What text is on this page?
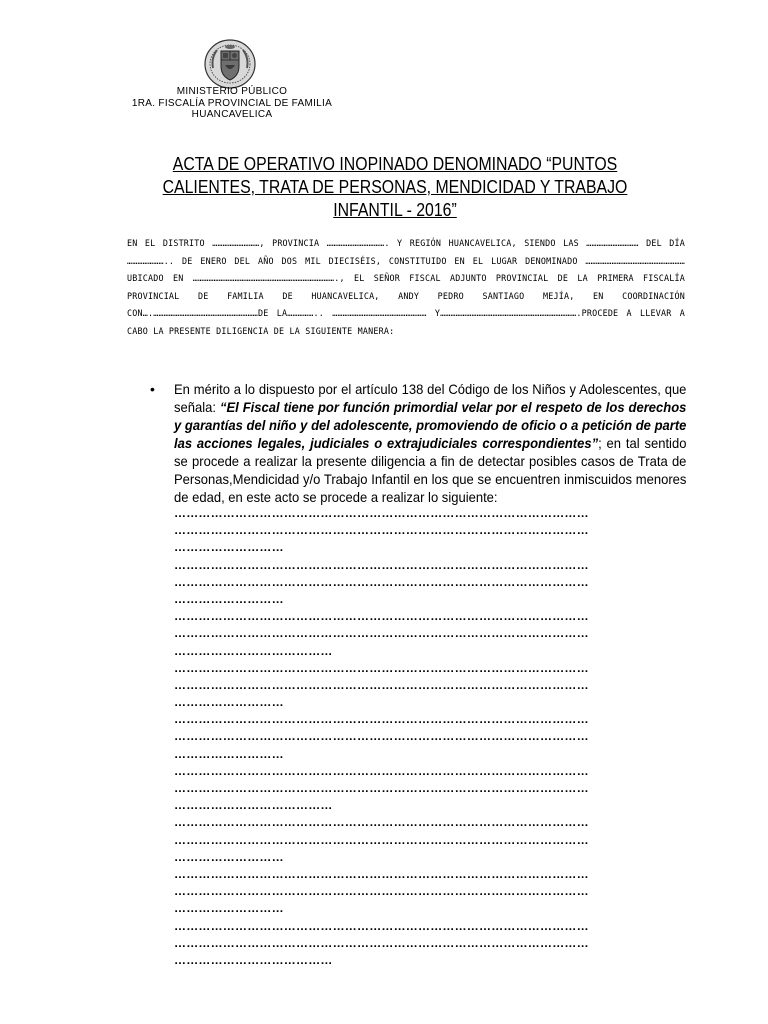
MINISTERIO PÚBLICO
1RA. FISCALÍA PROVINCIAL DE FAMILIA
HUANCAVELICA
ACTA DE OPERATIVO INOPINADO DENOMINADO “PUNTOS CALIENTES, TRATA DE PERSONAS, MENDICIDAD Y TRABAJO INFANTIL - 2016”
EN EL DISTRITO ………………………, PROVINCIA ……………………………. Y REGIÓN HUANCAVELICA, SIENDO LAS ………………………… DEL DÍA ………………….. DE ENERO DEL AÑO DOS MIL DIECISÉIS, CONSTITUIDO EN EL LUGAR DENOMINADO ………………………………………………… UBICADO EN ………………………………………………………………………., EL SEÑOR FISCAL ADJUNTO PROVINCIAL DE LA PRIMERA FISCALÍA PROVINCIAL DE FAMILIA DE HUANCAVELICA, ANDY PEDRO SANTIAGO MEJÍA, EN COORDINACIÓN CON….……………………………………………………DE LA…………….. ……………………………………………… Y…………………………………………………………………….PROCEDE A LLEVAR A CABO LA PRESENTE DILIGENCIA DE LA SIGUIENTE MANERA:
• En mérito a lo dispuesto por el artículo 138 del Código de los Niños y Adolescentes, que señala: “El Fiscal tiene por función primordial velar por el respeto de los derechos y garantías del niño y del adolescente, promoviendo de oficio o a petición de parte las acciones legales, judiciales o extrajudiciales correspondientes”; en tal sentido se procede a realizar la presente diligencia a fin de detectar posibles casos de Trata de Personas,Mendicidad y/o Trabajo Infantil en los que se encuentren inmiscuidos menores de edad, en este acto se procede a realizar lo siguiente:
…………………………………………………………………………………………
…………………………………………………………………………………………
………………………
…………………………………………………………………………………………
…………………………………………………………………………………………
………………………
…………………………………………………………………………………………
…………………………………………………………………………………………
…………………………………
…………………………………………………………………………………………
…………………………………………………………………………………………
………………………
…………………………………………………………………………………………
…………………………………………………………………………………………
………………………
…………………………………………………………………………………………
…………………………………………………………………………………………
…………………………………
…………………………………………………………………………………………
…………………………………………………………………………………………
………………………
…………………………………………………………………………………………
…………………………………………………………………………………………
………………………
…………………………………………………………………………………………
…………………………………………………………………………………………
…………………………………
